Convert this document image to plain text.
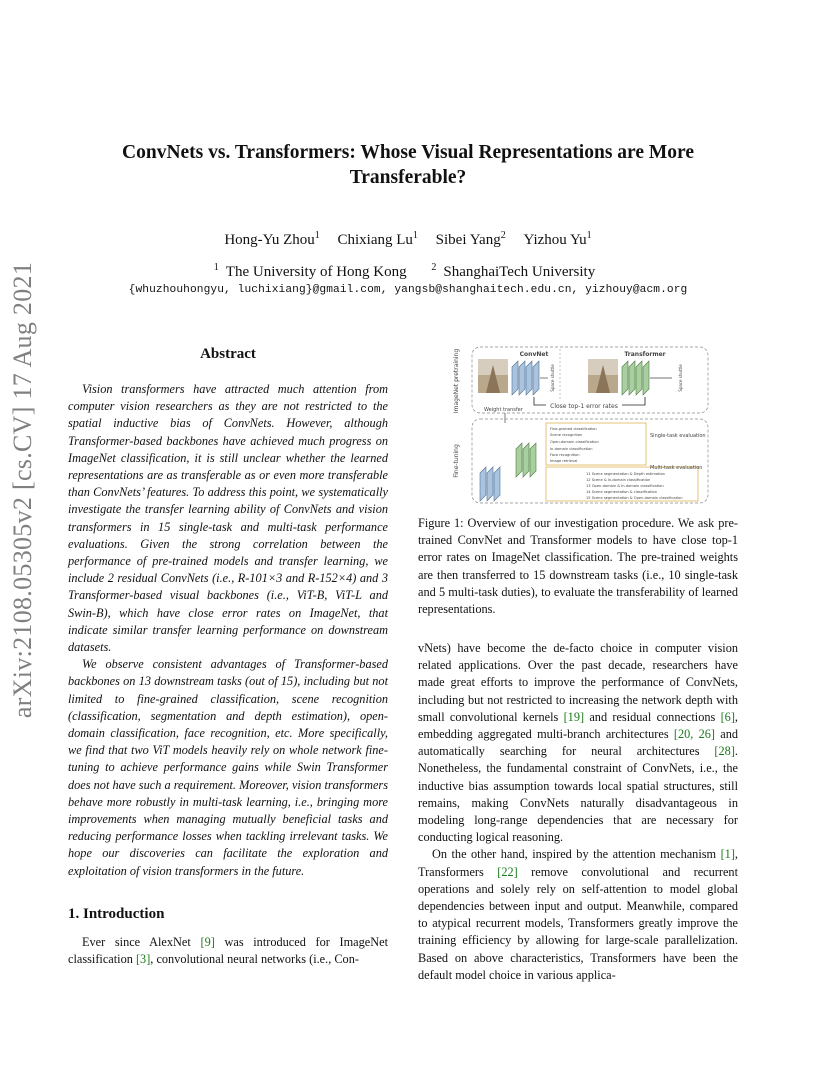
arXiv:2108.05305v2 [cs.CV] 17 Aug 2021
ConvNets vs. Transformers: Whose Visual Representations are More Transferable?
Hong-Yu Zhou$^1$ Chixiang Lu$^1$ Sibei Yang$^2$ Yizhou Yu$^1$
$^1$ The University of Hong Kong $^2$ ShanghaiTech University
{whuzhouhongyu, luchixiang}@gmail.com, yangsb@shanghaitech.edu.cn, yizhouy@acm.org
Abstract

Vision transformers have attracted much attention from computer vision researchers as they are not restricted to the spatial inductive bias of ConvNets. However, although Transformer-based backbones have achieved much progress on ImageNet classification, it is still unclear whether the learned representations are as transferable as or even more transferable than ConvNets’ features. To address this point, we systematically investigate the transfer learning ability of ConvNets and vision transformers in 15 single-task and multi-task performance evaluations. Given the strong correlation between the performance of pre-trained models and transfer learning, we include 2 residual ConvNets (i.e., R-101×3 and R-152×4) and 3 Transformer-based visual backbones (i.e., ViT-B, ViT-L and Swin-B), which have close error rates on ImageNet, that indicate similar transfer learning performance on downstream datasets.

We observe consistent advantages of Transformer-based backbones on 13 downstream tasks (out of 15), including but not limited to fine-grained classification, scene recognition (classification, segmentation and depth estimation), open-domain classification, face recognition, etc. More specifically, we find that two ViT models heavily rely on whole network fine-tuning to achieve performance gains while Swin Transformer does not have such a requirement. Moreover, vision transformers behave more robustly in multi-task learning, i.e., bringing more improvements when managing mutually beneficial tasks and reducing performance losses when tackling irrelevant tasks. We hope our discoveries can facilitate the exploration and exploitation of vision transformers in the future.

1. Introduction

Ever since AlexNet [9] was introduced for ImageNet classification [3], convolutional neural networks (i.e., Con-

ImageNet pretraining	ConvNet
Space shuttle
Transformer
Space shuttle
Close top-1 error rates
Weight transfer
Fine-tuning
Single-task evaluation
Multi-task evaluation
Fine-grained classification
Scene recognition
Open-domain classification
In-domain classification
Face recognition
Image retrieval
11 Scene segmentation & Depth estimation
12 Scene & In-domain classification
13 Open-domain & In-domain classification
14 Scene segmentation & classification
15 Scene segmentation & Open-domain classification
Figure 1: Overview of our investigation procedure. We ask pre-trained ConvNet and Transformer models to have close top-1 error rates on ImageNet classification. The pre-trained weights are then transferred to 15 downstream tasks (i.e., 10 single-task and 5 multi-task duties), to evaluate the transferability of learned representations.

vNets) have become the de-facto choice in computer vision related applications. Over the past decade, researchers have made great efforts to improve the performance of ConvNets, including but not restricted to increasing the network depth with small convolutional kernels [19] and residual connections [6], embedding aggregated multi-branch architectures [20, 26] and automatically searching for neural architectures [28]. Nonetheless, the fundamental constraint of ConvNets, i.e., the inductive bias assumption towards local spatial structures, still remains, making ConvNets naturally disadvantageous in modeling long-range dependencies that are necessary for conducting logical reasoning.

On the other hand, inspired by the attention mechanism [1], Transformers [22] remove convolutional and recurrent operations and solely rely on self-attention to model global dependencies between input and output. Meanwhile, compared to atypical recurrent models, Transformers greatly improve the training efficiency by allowing for large-scale parallelization. Based on above characteristics, Transformers have been the default model choice in various applica-
